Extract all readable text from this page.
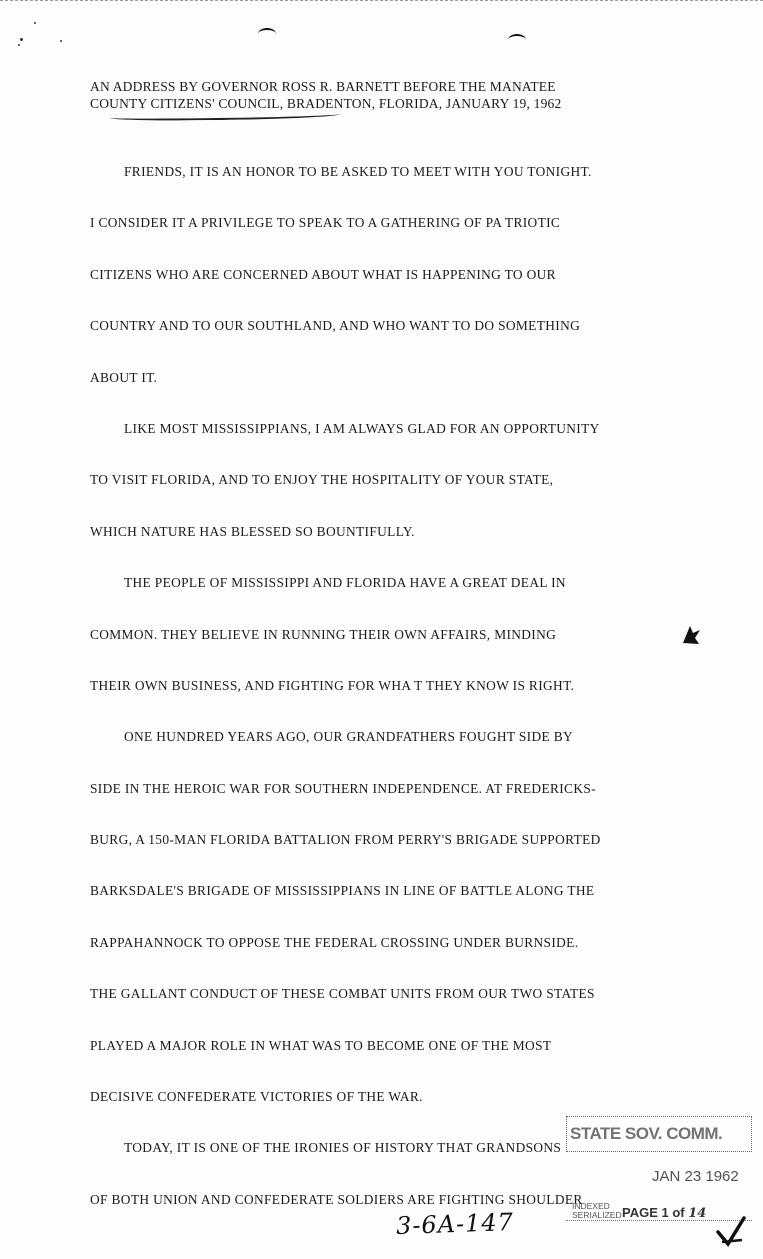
AN ADDRESS BY GOVERNOR ROSS R. BARNETT BEFORE THE MANATEE
COUNTY CITIZENS' COUNCIL, BRADENTON, FLORIDA, JANUARY 19, 1962
FRIENDS, IT IS AN HONOR TO BE ASKED TO MEET WITH YOU TONIGHT.
I CONSIDER IT A PRIVILEGE TO SPEAK TO A GATHERING OF PA TRIOTIC
CITIZENS WHO ARE CONCERNED ABOUT WHAT IS HAPPENING TO OUR
COUNTRY AND TO OUR SOUTHLAND, AND WHO WANT TO DO SOMETHING
ABOUT IT.
LIKE MOST MISSISSIPPIANS, I AM ALWAYS GLAD FOR AN OPPORTUNITY
TO VISIT FLORIDA, AND TO ENJOY THE HOSPITALITY OF YOUR STATE,
WHICH NATURE HAS BLESSED SO BOUNTIFULLY.
THE PEOPLE OF MISSISSIPPI AND FLORIDA HAVE A GREAT DEAL IN
COMMON. THEY BELIEVE IN RUNNING THEIR OWN AFFAIRS, MINDING
THEIR OWN BUSINESS, AND FIGHTING FOR WHA T THEY KNOW IS RIGHT.
ONE HUNDRED YEARS AGO, OUR GRANDFATHERS FOUGHT SIDE BY
SIDE IN THE HEROIC WAR FOR SOUTHERN INDEPENDENCE. AT FREDERICKS-
BURG, A 150-MAN FLORIDA BATTALION FROM PERRY'S BRIGADE SUPPORTED
BARKSDALE'S BRIGADE OF MISSISSIPPIANS IN LINE OF BATTLE ALONG THE
RAPPAHANNOCK TO OPPOSE THE FEDERAL CROSSING UNDER BURNSIDE.
THE GALLANT CONDUCT OF THESE COMBAT UNITS FROM OUR TWO STATES
PLAYED A MAJOR ROLE IN WHAT WAS TO BECOME ONE OF THE MOST
DECISIVE CONFEDERATE VICTORIES OF THE WAR.
TODAY, IT IS ONE OF THE IRONIES OF HISTORY THAT GRANDSONS
OF BOTH UNION AND CONFEDERATE SOLDIERS ARE FIGHTING SHOULDER
STATE SOV. COMM.
JAN 23 1962
INDEXED SERIALIZED PAGE 1 of 14
3-6A-147
